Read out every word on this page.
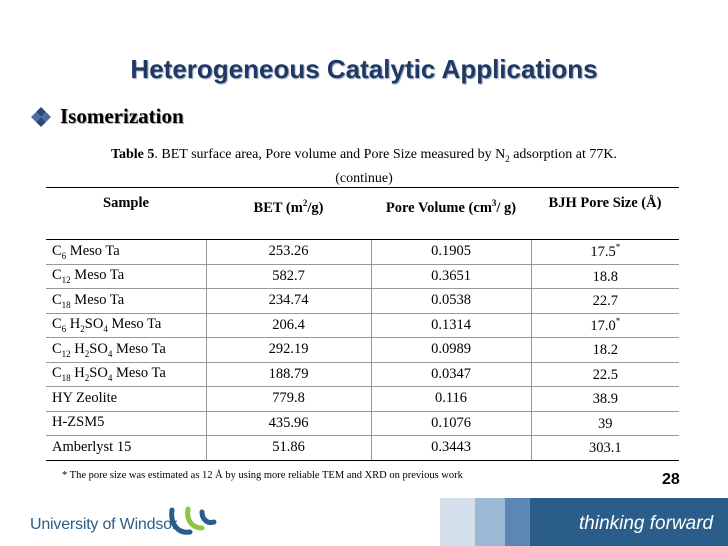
Heterogeneous Catalytic Applications
Isomerization
Table 5. BET surface area, Pore volume and Pore Size measured by $N_2$ adsorption at 77K.
(continue)
Sample	BET $(m^2/g)$	Pore Volume ($cm^3/$ g)	BJH Pore Size (Å)
$C_6$ Meso Ta	253.26	0.1905	17.5*
$C_{12}$ Meso Ta	582.7	0.3651	18.8
$C_{18}$ Meso Ta	234.74	0.0538	22.7
$C_6$ $H_2SO_4$ Meso Ta	206.4	0.1314	17.0*
$C_{12}$ $H_2SO_4$ Meso Ta	292.19	0.0989	18.2
$C_{18}$ $H_2SO_4$ Meso Ta	188.79	0.0347	22.5
HY Zeolite	779.8	0.116	38.9
H-ZSM5	435.96	0.1076	39
Amberlyst 15	51.86	0.3443	303.1
* The pore size was estimated as 12 Å by using more reliable TEM and XRD on previous work	28
University of Windsor	thinking forward
